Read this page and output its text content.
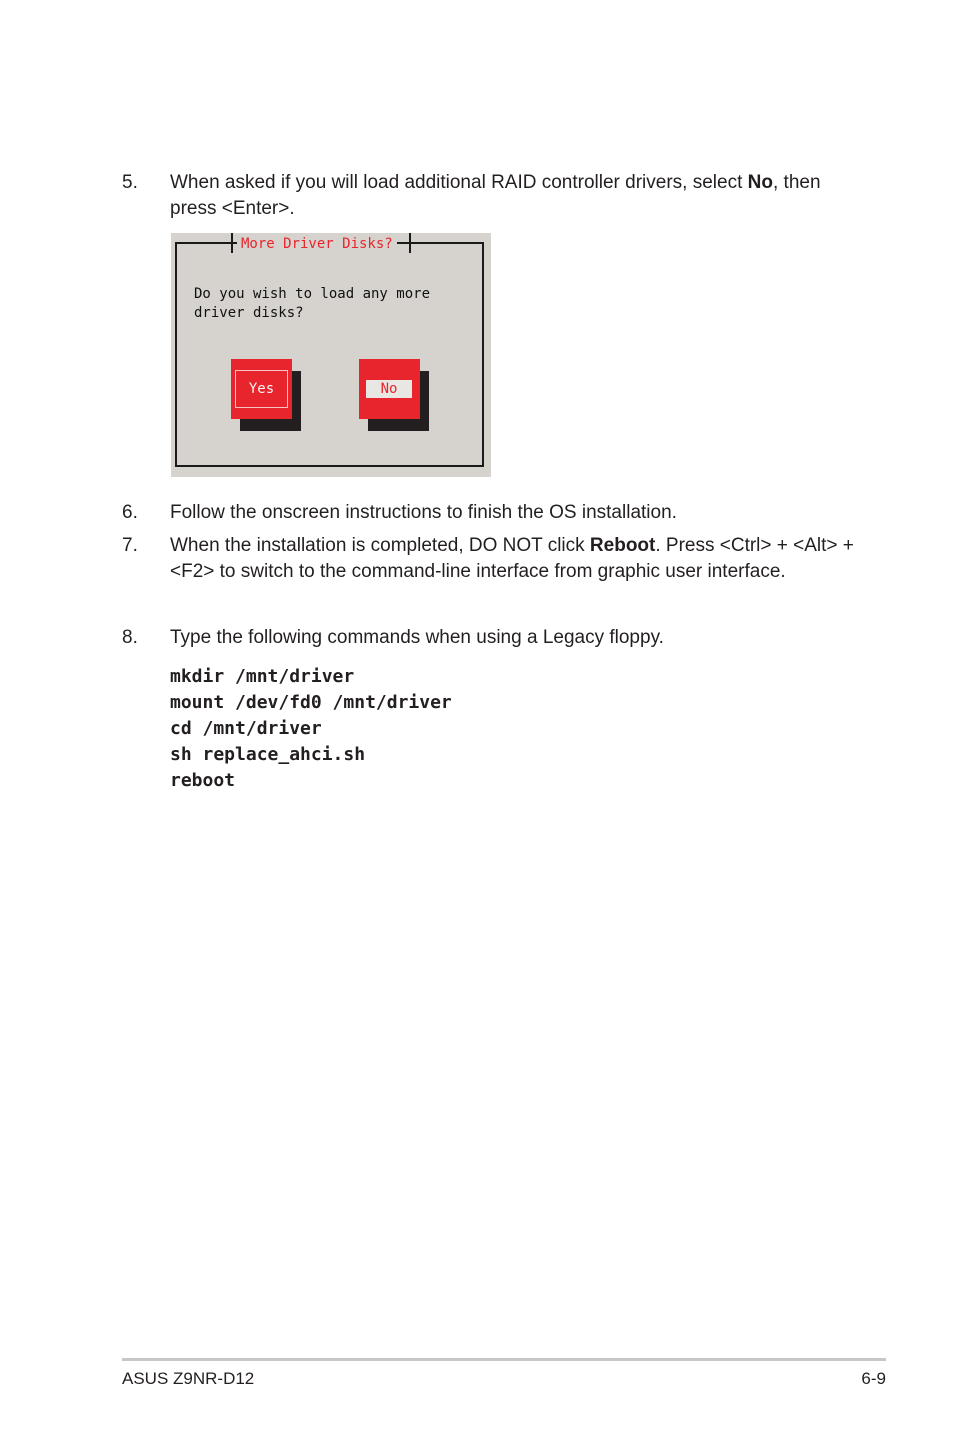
5. When asked if you will load additional RAID controller drivers, select No, then press <Enter>.
More Driver Disks?
Do you wish to load any more
driver disks?
Yes	No
6. Follow the onscreen instructions to finish the OS installation.
7. When the installation is completed, DO NOT click Reboot. Press <Ctrl> + <Alt> + <F2> to switch to the command-line interface from graphic user interface.
8. Type the following commands when using a Legacy floppy.
mkdir /mnt/driver
mount /dev/fd0 /mnt/driver
cd /mnt/driver
sh replace_ahci.sh
reboot
ASUS Z9NR-D12	6-9
